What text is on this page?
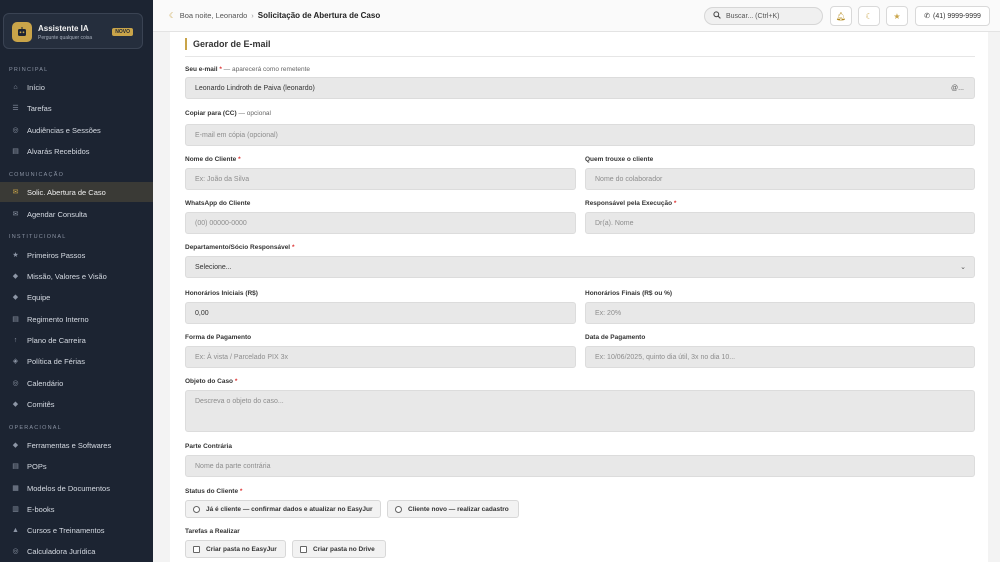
Assistente IA
Pergunte qualquer coisa
NOVO
PRINCIPAL
⌂	Início
☰ Tarefas
◎ Audiências e Sessões
▤ Alvarás Recebidos
COMUNICAÇÃO
✉ Solic. Abertura de Caso
✉ Agendar Consulta
INSTITUCIONAL
★ Primeiros Passos
◆ Missão, Valores e Visão
◆ Equipe
▤ Regimento Interno
↑	Plano de Carreira
◈ Política de Férias
◎ Calendário
◆ Comitês
OPERACIONAL
◆ Ferramentas e Softwares
▤ POPs
▦ Modelos de Documentos
▥ E-books
▲ Cursos e Treinamentos
◎ Calculadora Jurídica
☾ Boa noite, Leonardo › Solicitação de Abertura de Caso	Buscar... (Ctrl+K)	🔔︎ ☾	★	✆ (41) 9999-9999
Gerador de E-mail
Seu e-mail * — aparecerá como remetente
Leonardo Lindroth de Paiva (leonardo)	@...
Copiar para (CC) — opcional
E-mail em cópia (opcional)
Nome do Cliente *
Ex: João da Silva
Quem trouxe o cliente
Nome do colaborador
WhatsApp do Cliente
(00) 00000-0000
Responsável pela Execução *
Dr(a). Nome
Departamento/Sócio Responsável *
Selecione...	⌄
Honorários Iniciais (R$)
0,00
Honorários Finais (R$ ou %)
Ex: 20%
Forma de Pagamento
Ex: À vista / Parcelado PIX 3x
Data de Pagamento
Ex: 10/06/2025, quinto dia útil, 3x no dia 10...
Objeto do Caso *
Descreva o objeto do caso...
Parte Contrária
Nome da parte contrária
Status do Cliente *
Já é cliente — confirmar dados e atualizar no EasyJur	Cliente novo — realizar cadastro
Tarefas a Realizar
Criar pasta no EasyJur	Criar pasta no Drive
